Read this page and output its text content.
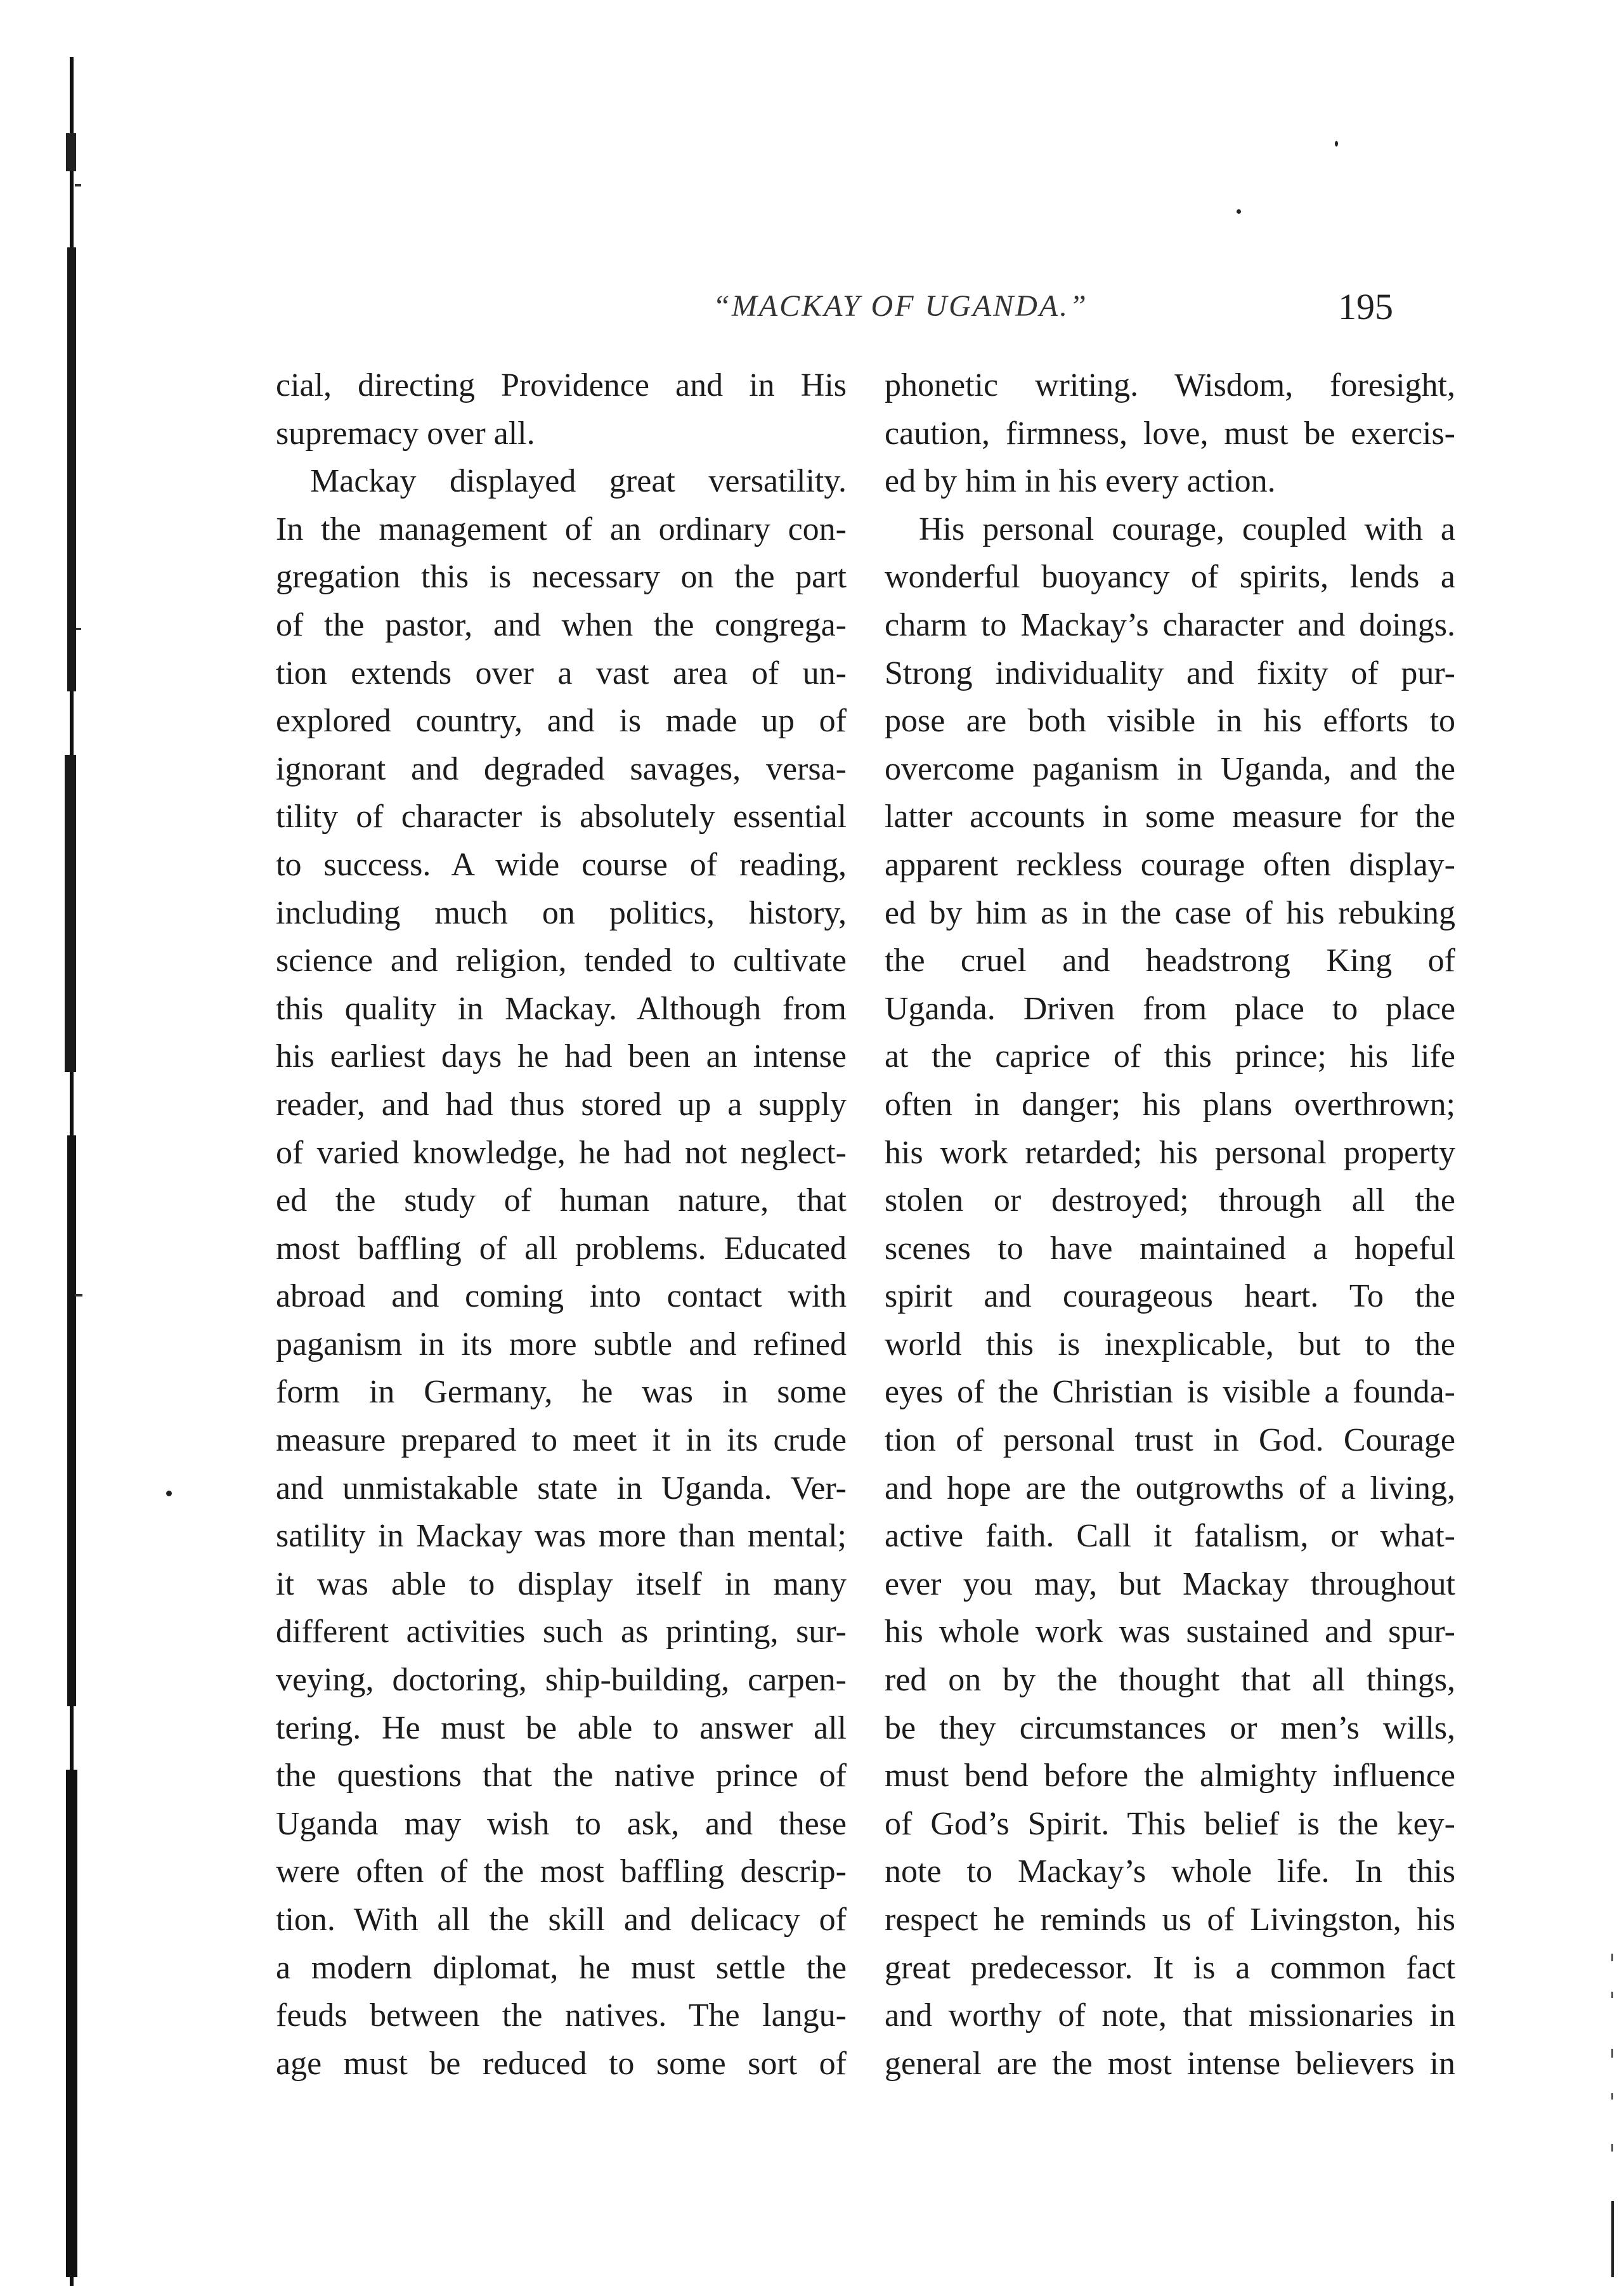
“MACKAY OF UGANDA.”	195
cial, directing Providence and in His
supremacy over all.
Mackay displayed great versatility.
In the management of an ordinary con-
gregation this is necessary on the part
of the pastor, and when the congrega-
tion extends over a vast area of un-
explored country, and is made up of
ignorant and degraded savages, versa-
tility of character is absolutely essential
to success. A wide course of reading,
including much on politics, history,
science and religion, tended to cultivate
this quality in Mackay. Although from
his earliest days he had been an intense
reader, and had thus stored up a supply
of varied knowledge, he had not neglect-
ed the study of human nature, that
most baffling of all problems. Educated
abroad and coming into contact with
paganism in its more subtle and refined
form in Germany, he was in some
measure prepared to meet it in its crude
and unmistakable state in Uganda. Ver-
satility in Mackay was more than mental;
it was able to display itself in many
different activities such as printing, sur-
veying, doctoring, ship-building, carpen-
tering. He must be able to answer all
the questions that the native prince of
Uganda may wish to ask, and these
were often of the most baffling descrip-
tion. With all the skill and delicacy of
a modern diplomat, he must settle the
feuds between the natives. The langu-
age must be reduced to some sort of
phonetic writing. Wisdom, foresight,
caution, firmness, love, must be exercis-
ed by him in his every action.
His personal courage, coupled with a
wonderful buoyancy of spirits, lends a
charm to Mackay’s character and doings.
Strong individuality and fixity of pur-
pose are both visible in his efforts to
overcome paganism in Uganda, and the
latter accounts in some measure for the
apparent reckless courage often display-
ed by him as in the case of his rebuking
the cruel and headstrong King of
Uganda. Driven from place to place
at the caprice of this prince; his life
often in danger; his plans overthrown;
his work retarded; his personal property
stolen or destroyed; through all the
scenes to have maintained a hopeful
spirit and courageous heart. To the
world this is inexplicable, but to the
eyes of the Christian is visible a founda-
tion of personal trust in God. Courage
and hope are the outgrowths of a living,
active faith. Call it fatalism, or what-
ever you may, but Mackay throughout
his whole work was sustained and spur-
red on by the thought that all things,
be they circumstances or men’s wills,
must bend before the almighty influence
of God’s Spirit. This belief is the key-
note to Mackay’s whole life. In this
respect he reminds us of Livingston, his
great predecessor. It is a common fact
and worthy of note, that missionaries in
general are the most intense believers in
